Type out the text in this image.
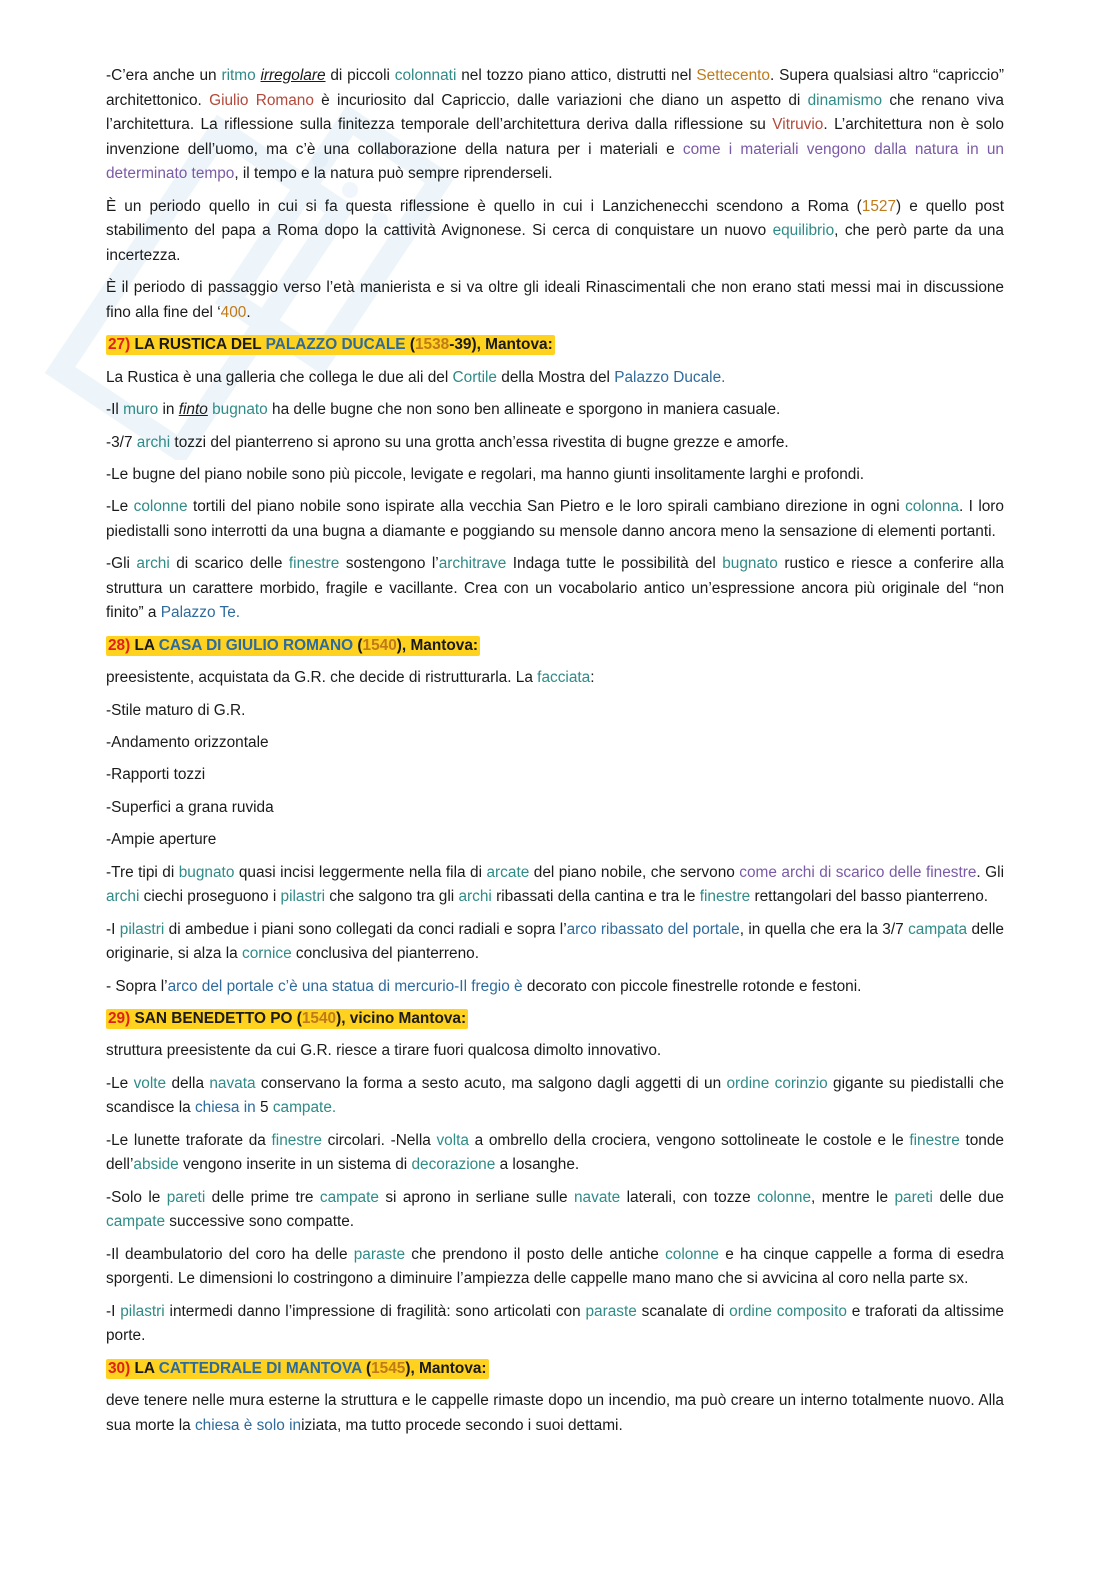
-C’era anche un ritmo irregolare di piccoli colonnati nel tozzo piano attico, distrutti nel Settecento. Supera qualsiasi altro “capriccio” architettonico. Giulio Romano è incuriosito dal Capriccio, dalle variazioni che diano un aspetto di dinamismo che renano viva l’architettura. La riflessione sulla finitezza temporale dell’architettura deriva dalla riflessione su Vitruvio. L’architettura non è solo invenzione dell’uomo, ma c’è una collaborazione della natura per i materiali e come i materiali vengono dalla natura in un determinato tempo, il tempo e la natura può sempre riprenderseli.
È un periodo quello in cui si fa questa riflessione è quello in cui i Lanzichenecchi scendono a Roma (1527) e quello post stabilimento del papa a Roma dopo la cattività Avignonese. Si cerca di conquistare un nuovo equilibrio, che però parte da una incertezza.
È il periodo di passaggio verso l’età manierista e si va oltre gli ideali Rinascimentali che non erano stati messi mai in discussione fino alla fine del ‘400.
27) LA RUSTICA DEL PALAZZO DUCALE (1538-39), Mantova:
La Rustica è una galleria che collega le due ali del Cortile della Mostra del Palazzo Ducale.
-Il muro in finto bugnato ha delle bugne che non sono ben allineate e sporgono in maniera casuale.
-3/7 archi tozzi del pianterreno si aprono su una grotta anch’essa rivestita di bugne grezze e amorfe.
-Le bugne del piano nobile sono più piccole, levigate e regolari, ma hanno giunti insolitamente larghi e profondi.
-Le colonne tortili del piano nobile sono ispirate alla vecchia San Pietro e le loro spirali cambiano direzione in ogni colonna. I loro piedistalli sono interrotti da una bugna a diamante e poggiando su mensole danno ancora meno la sensazione di elementi portanti.
-Gli archi di scarico delle finestre sostengono l’architrave Indaga tutte le possibilità del bugnato rustico e riesce a conferire alla struttura un carattere morbido, fragile e vacillante. Crea con un vocabolario antico un’espressione ancora più originale del “non finito” a Palazzo Te.
28) LA CASA DI GIULIO ROMANO (1540), Mantova:
preesistente, acquistata da G.R. che decide di ristrutturarla. La facciata:
-Stile maturo di G.R.
-Andamento orizzontale
-Rapporti tozzi
-Superfici a grana ruvida
-Ampie aperture
-Tre tipi di bugnato quasi incisi leggermente nella fila di arcate del piano nobile, che servono come archi di scarico delle finestre. Gli archi ciechi proseguono i pilastri che salgono tra gli archi ribassati della cantina e tra le finestre rettangolari del basso pianterreno.
-I pilastri di ambedue i piani sono collegati da conci radiali e sopra l’arco ribassato del portale, in quella che era la 3/7 campata delle originarie, si alza la cornice conclusiva del pianterreno.
- Sopra l’arco del portale c’è una statua di mercurio-Il fregio è decorato con piccole finestrelle rotonde e festoni.
29) SAN BENEDETTO PO (1540), vicino Mantova:
struttura preesistente da cui G.R. riesce a tirare fuori qualcosa dimolto innovativo.
-Le volte della navata conservano la forma a sesto acuto, ma salgono dagli aggetti di un ordine corinzio gigante su piedistalli che scandisce la chiesa in 5 campate.
-Le lunette traforate da finestre circolari. -Nella volta a ombrello della crociera, vengono sottolineate le costole e le finestre tonde dell’abside vengono inserite in un sistema di decorazione a losanghe.
-Solo le pareti delle prime tre campate si aprono in serliane sulle navate laterali, con tozze colonne, mentre le pareti delle due campate successive sono compatte.
-Il deambulatorio del coro ha delle paraste che prendono il posto delle antiche colonne e ha cinque cappelle a forma di esedra sporgenti. Le dimensioni lo costringono a diminuire l’ampiezza delle cappelle mano mano che si avvicina al coro nella parte sx.
-I pilastri intermedi danno l’impressione di fragilità: sono articolati con paraste scanalate di ordine composito e traforati da altissime porte.
30) LA CATTEDRALE DI MANTOVA (1545), Mantova:
deve tenere nelle mura esterne la struttura e le cappelle rimaste dopo un incendio, ma può creare un interno totalmente nuovo. Alla sua morte la chiesa è solo iniziata, ma tutto procede secondo i suoi dettami.
